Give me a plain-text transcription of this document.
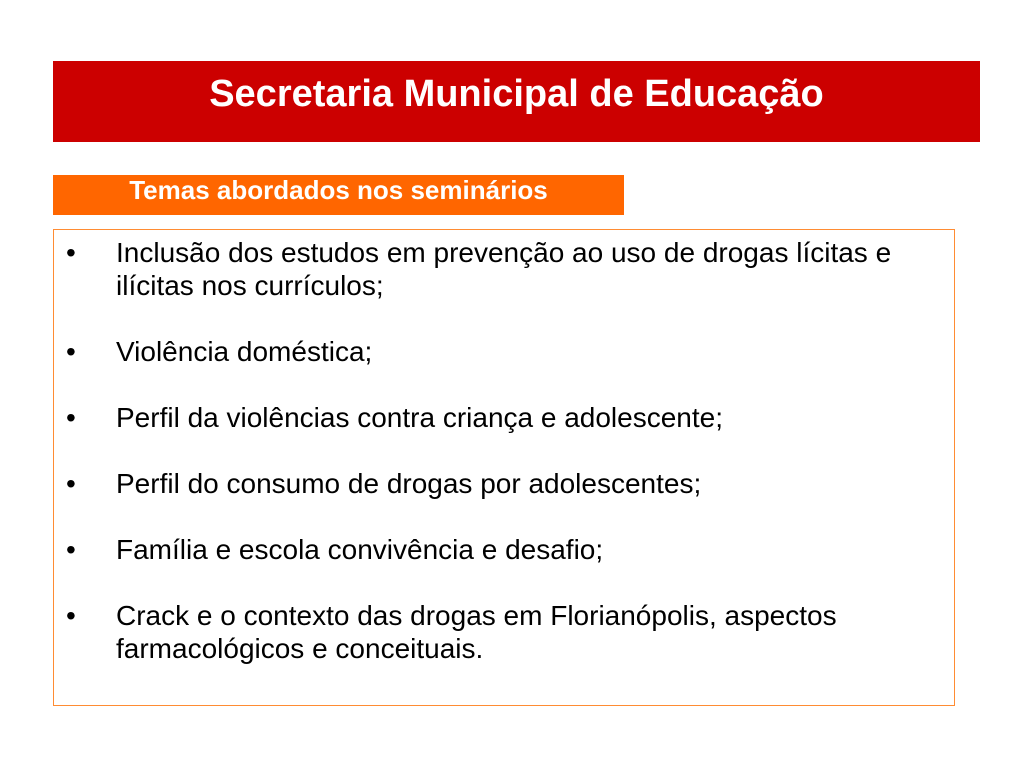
Secretaria Municipal de Educação
Temas abordados nos seminários
•	Inclusão dos estudos em prevenção ao uso de drogas lícitas e ilícitas nos currículos;
•	Violência doméstica;
•	Perfil da violências contra criança e adolescente;
•	Perfil do consumo de drogas por adolescentes;
•	Família e escola convivência e desafio;
•	Crack e o contexto das drogas em Florianópolis, aspectos farmacológicos e conceituais.
